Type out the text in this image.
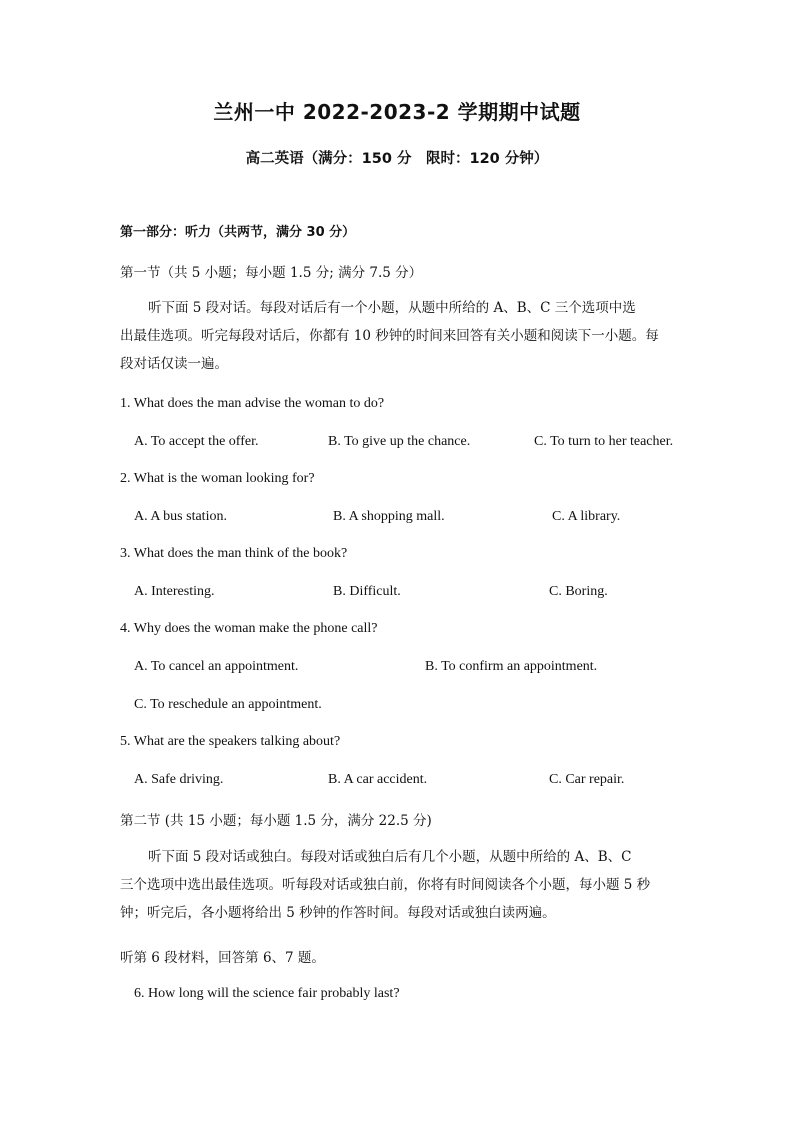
兰州一中 2022-2023-2 学期期中试题
高二英语（满分：150 分　限时：120 分钟）
第一部分：听力（共两节，满分 30 分）
第一节（共 5 小题；每小题 1.5 分; 满分 7.5 分）
听下面 5 段对话。每段对话后有一个小题，从题中所给的 A、B、C 三个选项中选
出最佳选项。听完每段对话后，你都有 10 秒钟的时间来回答有关小题和阅读下一小题。每
段对话仅读一遍。
1. What does the man advise the woman to do?
A. To accept the offer.	B. To give up the chance.	C. To turn to her teacher.
2. What is the woman looking for?
A. A bus station.	B. A shopping mall.	C. A library.
3. What does the man think of the book?
A. Interesting.	B. Difficult.	C. Boring.
4. Why does the woman make the phone call?
A. To cancel an appointment.	B. To confirm an appointment.
C. To reschedule an appointment.
5. What are the speakers talking about?
A. Safe driving.	B. A car accident.	C. Car repair.
第二节 (共 15 小题；每小题 1.5 分，满分 22.5 分)
听下面 5 段对话或独白。每段对话或独白后有几个小题，从题中所给的 A、B、C
三个选项中选出最佳选项。听每段对话或独白前，你将有时间阅读各个小题，每小题 5 秒
钟；听完后，各小题将给出 5 秒钟的作答时间。每段对话或独白读两遍。
听第 6 段材料，回答第 6、7 题。
6. How long will the science fair probably last?
